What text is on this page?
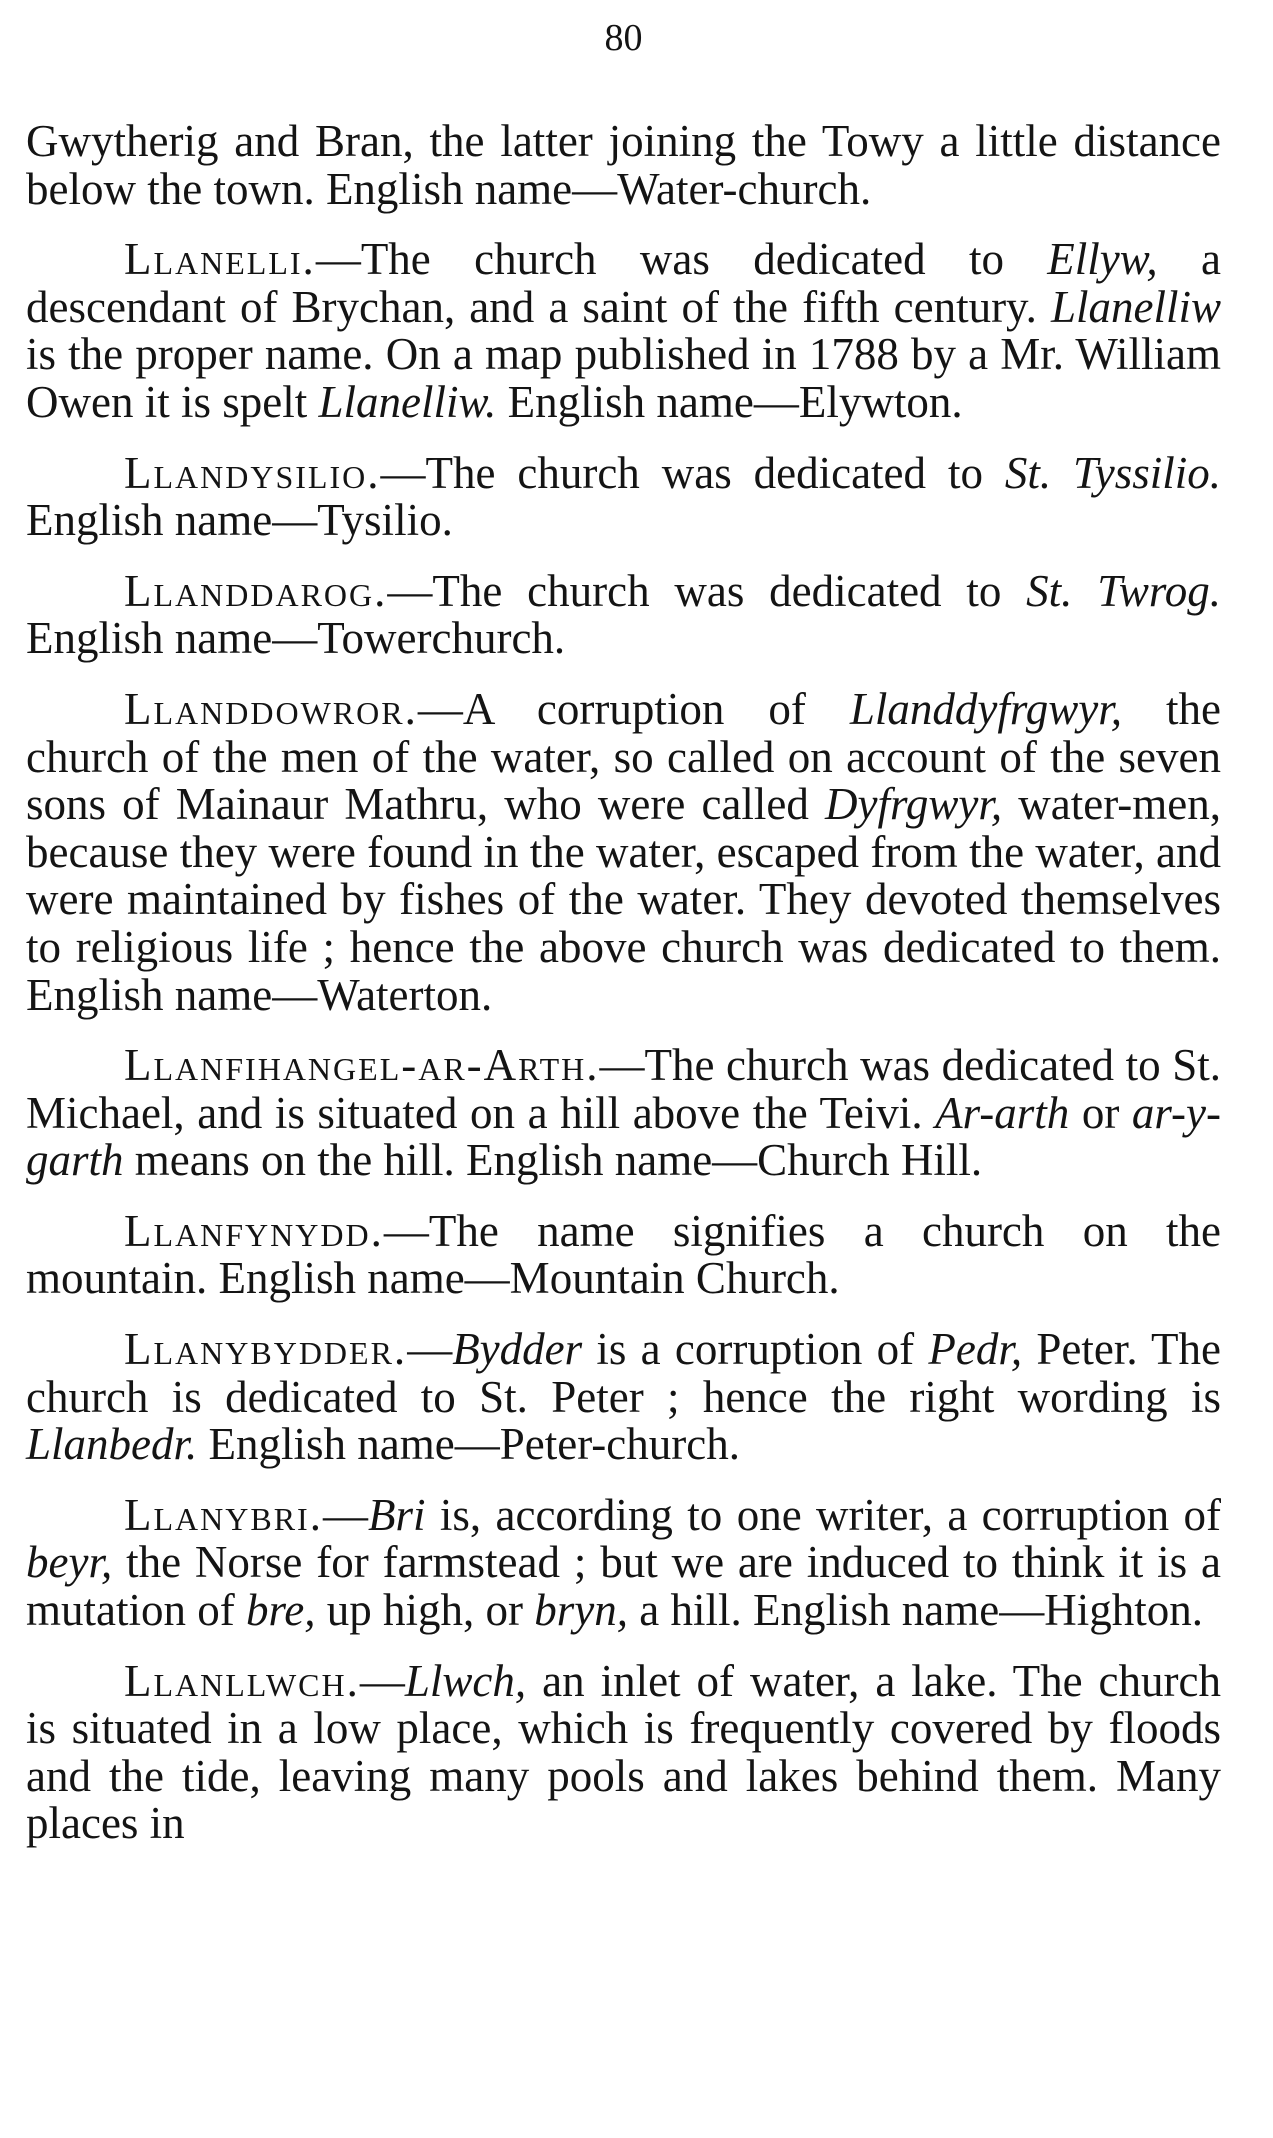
80

Gwytherig and Bran, the latter joining the Towy a little distance below the town. English name—Water-church.

Llanelli.—The church was dedicated to Ellyw, a descendant of Brychan, and a saint of the fifth century. Llanelliw is the proper name. On a map published in 1788 by a Mr. William Owen it is spelt Llanelliw. English name—Elywton.

Llandysilio.—The church was dedicated to St. Tyssilio. English name—Tysilio.

Llanddarog.—The church was dedicated to St. Twrog. English name—Towerchurch.

Llanddowror.—A corruption of Llanddyfrgwyr, the church of the men of the water, so called on account of the seven sons of Mainaur Mathru, who were called Dyfrgwyr, water-men, because they were found in the water, escaped from the water, and were maintained by fishes of the water. They devoted themselves to religious life ; hence the above church was dedicated to them. English name—Waterton.

Llanfihangel-ar-Arth.—The church was dedicated to St. Michael, and is situated on a hill above the Teivi. Ar-arth or ar-y-garth means on the hill. English name—Church Hill.

Llanfynydd.—The name signifies a church on the mountain. English name—Mountain Church.

Llanybydder.—Bydder is a corruption of Pedr, Peter. The church is dedicated to St. Peter ; hence the right wording is Llanbedr. English name—Peter-church.

Llanybri.—Bri is, according to one writer, a corruption of beyr, the Norse for farmstead ; but we are induced to think it is a mutation of bre, up high, or bryn, a hill. English name—Highton.

Llanllwch.—Llwch, an inlet of water, a lake. The church is situated in a low place, which is frequently covered by floods and the tide, leaving many pools and lakes behind them. Many places in
